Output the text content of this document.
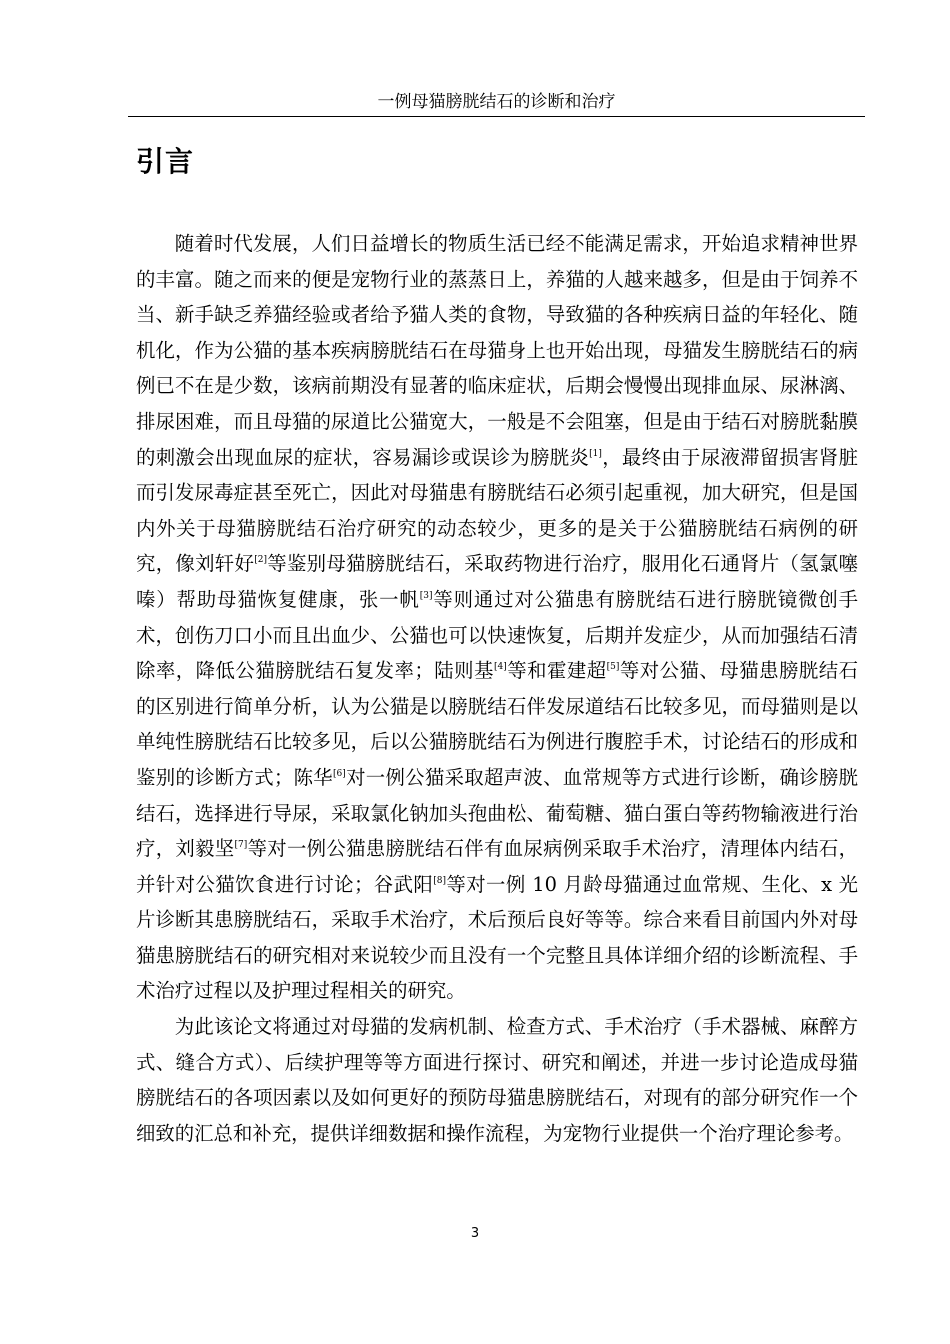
一例母猫膀胱结石的诊断和治疗
引言

随着时代发展，人们日益增长的物质生活已经不能满足需求，开始追求精神世界的丰富。随之而来的便是宠物行业的蒸蒸日上，养猫的人越来越多，但是由于饲养不当、新手缺乏养猫经验或者给予猫人类的食物，导致猫的各种疾病日益的年轻化、随机化，作为公猫的基本疾病膀胱结石在母猫身上也开始出现，母猫发生膀胱结石的病例已不在是少数，该病前期没有显著的临床症状，后期会慢慢出现排血尿、尿淋漓、排尿困难，而且母猫的尿道比公猫宽大，一般是不会阻塞，但是由于结石对膀胱黏膜的刺激会出现血尿的症状，容易漏诊或误诊为膀胱炎[1]，最终由于尿液滞留损害肾脏而引发尿毒症甚至死亡，因此对母猫患有膀胱结石必须引起重视，加大研究，但是国内外关于母猫膀胱结石治疗研究的动态较少，更多的是关于公猫膀胱结石病例的研究，像刘轩好[2]等鉴别母猫膀胱结石，采取药物进行治疗，服用化石通肾片（氢氯噻嗪）帮助母猫恢复健康，张一帆[3]等则通过对公猫患有膀胱结石进行膀胱镜微创手术，创伤刀口小而且出血少、公猫也可以快速恢复，后期并发症少，从而加强结石清除率，降低公猫膀胱结石复发率；陆则基[4]等和霍建超[5]等对公猫、母猫患膀胱结石的区别进行简单分析，认为公猫是以膀胱结石伴发尿道结石比较多见，而母猫则是以单纯性膀胱结石比较多见，后以公猫膀胱结石为例进行腹腔手术，讨论结石的形成和鉴别的诊断方式；陈华[6]对一例公猫采取超声波、血常规等方式进行诊断，确诊膀胱结石，选择进行导尿，采取氯化钠加头孢曲松、葡萄糖、猫白蛋白等药物输液进行治疗，刘毅坚[7]等对一例公猫患膀胱结石伴有血尿病例采取手术治疗，清理体内结石，并针对公猫饮食进行讨论；谷武阳[8]等对一例 10 月龄母猫通过血常规、生化、x 光片诊断其患膀胱结石，采取手术治疗，术后预后良好等等。综合来看目前国内外对母猫患膀胱结石的研究相对来说较少而且没有一个完整且具体详细介绍的诊断流程、手术治疗过程以及护理过程相关的研究。

为此该论文将通过对母猫的发病机制、检查方式、手术治疗（手术器械、麻醉方式、缝合方式）、后续护理等等方面进行探讨、研究和阐述，并进一步讨论造成母猫膀胱结石的各项因素以及如何更好的预防母猫患膀胱结石，对现有的部分研究作一个细致的汇总和补充，提供详细数据和操作流程，为宠物行业提供一个治疗理论参考。

3
